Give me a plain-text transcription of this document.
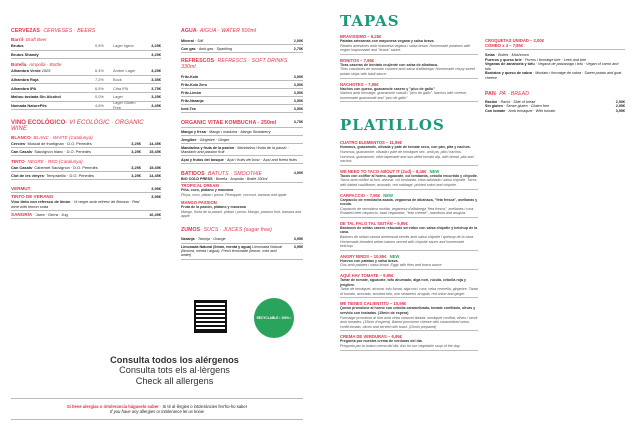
CERVEZAS· CERVESES · BEERS
Barril· Draft Beer
Brutus	0,5%	Lager ligera	3,25€
Brutus Shandy	3,25€
Botella· Ampolla · Bottle
Alhambra Verde 1925	6,4%	Amber Lager	3,25€
Alhambra Roja	7,2%	Bock	3,35€
Alhambra IPA	6,5%	Citra IPA	3,75€
Mahou tostada Sin Alcohol	0,0%	Lager	3,25€
Nomada NaturePils	4,6%	Lager Gluten Free	3,45€
VINO ECOLÓGICO· VI ECOLÒGIC · ORGANIC WINE
BLANCO· BLANC · WHITE (Catalunya)
Cercles· Muscat de frontignan · D.O. Penedès	3,25€	14,45€
Can Casals· Sauvignon blanc · D.O. Penedès	3,25€	15,45€
TINTO· NEGRE · RED (Catalunya)
Can Casals· Cabernet Sauvignon · D.O. Penedès	3,25€	15,45€
Clot de les vinyes· Tempranillo · D.O. Penedès	3,25€	14,45€
VERMUT	3,95€
TINTO DE VERANO
Vino tinto con refresco de limón · Vi negre amb refresc de llimona · Red wine with lemon soda
3,95€
SANGRÍA · Jarra · Gerra · Jug	16,49€
AGUA· AIGUA · WATER 500ml
Mineral · Still	2,00€
Con gas · Amb gas · Sparkling	2,75€
REFRESCOS· REFRESCS · SOFT DRINKS 330ml
Fritz-Kola	3,50€
Fritz-Kola Zero	3,50€
Fritz-Limón	3,50€
Fritz-Naranja	3,50€
Iced-Tea	3,50€
ORGANIC VITAE KOMBUCHA - 250ml	3,75€
Mango y fresa · Mango i maduixa · Mango Strawberry
Jengibre · Gingebre · Ginger
Mandarina y fruta de la pasión · Mandarina i fruita de la passió · Mandarin and passion fruit
Açaí y frutos del bosque · Açaí i fruits del bosc · Açaí and forest fruits
BATIDOS· BATUTS · SMOOTHIE
BIO COLD PRESS · Botella · Ampolla · Bottle 330ml
4,50€
TROPICAL DREAM
Piña, coco, plátano y manzana
Pinya, coco, plàtan i poma. Pineapple, coconut, banana and apple
MANGO PASSION
Fruta de la pasión, plátano y manzana
Mango, fruita de la passió, plàtan i poma. Mango, passion fruit, banana and apple
ZUMOS· SUCS · JUICES (sugar free)
Naranja · Taronja · Orange	3,95€
Limonada Natural (limón, menta y agua) Llimonada Natural (llimona, menta i aigua). Fresh lemonade (lemon, mint and water)
3,95€
RECYCLABLE • 100% •
Consulta todos los alérgenos
Consulta tots els al·lèrgens
Check all allergens
Si tiene alergias o intolerancia hágaselo saber · Si té al·lèrgies o intoleràncies fes'ho-ho saber
If you have any allergies or intolerance let us know
TAPAS
BRAVISSIMO – 6,25€
Patatas artesanas con mayonesa vegana y salsa brava.
Patates artesanes amb maionesa vegana i salsa brava. Homemade potatoes with vegan mayonnaise and "brava" sauce.
BONITOS – 7,95€
Tiras caseras de boniato crujiente con salsa de albahaca.
Tires casolanes de moniato cruixent amb salsa d'alfàbrega. Homemade crispy sweet potato strips with basil sauce.
NACHOTES – 7,95€
Nachos con queso, guacamole casero y "pico de gallo"
Nachos amb formatge, guacamole casolà i "pico de gallo". Nachos with cheese, homemade guacamole and "pico de gallo"
PLATILLOS
CUATRO ELEMENTOS – 11,95€
Hummus, guacamole, olivada y paté de tomate seco, con pan, pita y nachos.
Hummus, guacamole, olivada i paté de tomàquet sec, amb pa, pita i nachos. Hummus, guacamole, olive tapenade and sun-dried tomato dip, with bread, pita and nachos.
WE NEED TO TACO ABOUT IT (2ud) – 8,45€ NEW
Tacos con coliflor al horno, aguacate, col lombarda, cebolla encurtida y chipotle.
Tacos amb coliflor al forn, alvocat, col lombarda, ceba adobada i salsa chipotle. Tacos with baked cauliflower, avocado, red cabbage, pickled onion and chipotle.
CARPACCIO – 7,95€ NEW
Carpaccio de remolacha asada, veganesa de albahaca, "feta fresca", avellanas y rúcula.
Carpaccio de remolatxa rostida, veganesa d'alfàbrega "feta fresca", avellanes i ruca. Roasted beet carpaccio, basil veganaise, "feta cheese", hazelnuts and arugula.
DE TAL PALO TAL SEITÁN – 9,95€
Bastones de seitán casero rebozado servidos con salsa chipotle y ketchup de la casa.
Bastons de seitan casolà arrebossat servits amb salsa chipotle i quètxup de la casa. Homemade breaded seitan batons served with chipotle sauce and homemade ketchup.
ANGRY BIRDS – 10,95€ NEW
Huevos con patatas y salsa brava.
Ous amb patates i salsa brava. Eggs with fries and brava sauce.
AQUÍ HAY TOMATE – 9,95€
Tartar de tomate, aguacate, tofu ahumado, alga nori, rúcula, cebolla roja y jengibre.
Tartar de tomàquet, alvocat, tofu fumat, alga nori, ruca, ceba vermella, gingebre. Tartar of tomato, avocado, smoked tofu, nori seaweed, arugula, red onion and ginger.
ME TIENES CALIENTITO – 10,95€
Queso provolone al horno con cebolla caramelizada, tomate confitado, olivas y servido con tostadas. (15min de espera)
Formatge provolone al forn amb ceba caramel·litzada, tomàquet confitat, olives i servit amb torrades. (15min d'espera). Baked provolone cheese with caramelized onion, confit tomato, olives and served with toast. (15min prepared)
CREMA DE VERDURAS – 6,95€
Pregunta por nuestra crema de verduras del día.
Pregunta per la nostra crema del dia. Ask for our vegetable soup of the day.
CROQUETAS UNIDAD – 2,00€
COMBO x 4 – 7,85€
Setas · Bolets · Mushroom
Puerros y queso brie · Porros i formatge brie · Leek and brie
Veganas de zanahoria y tofu · Vegana de pastanaga i tofu · Vegan of carrot and tofu
Boniatos y queso de cabra · Moniato i formatge de cabra · Sweet potato and goat cheese
PAN· PA · BREAD
Ración · Ració · Side of bread	2,90€
Sin gluten · Sense gluten · Gluten free	2,95€
Con tomate · Amb tomàquet · With tomato	3,95€
